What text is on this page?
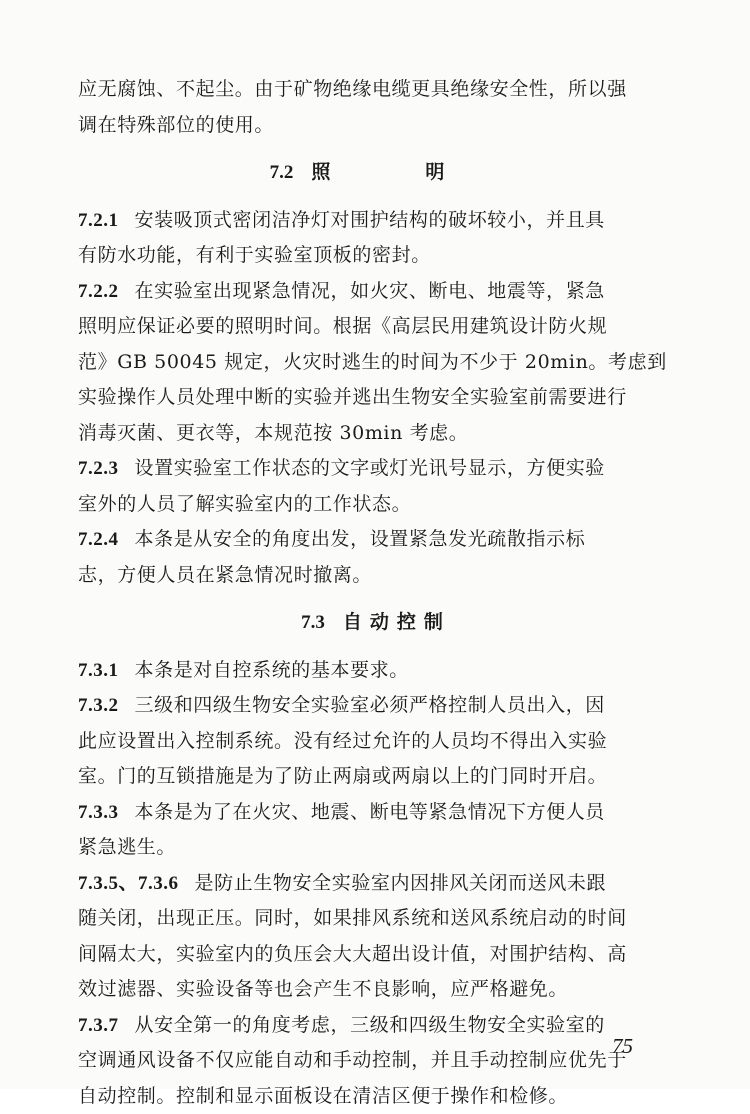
应无腐蚀、不起尘。由于矿物绝缘电缆更具绝缘安全性，所以强
调在特殊部位的使用。
7.2 照　明
7.2.1 安装吸顶式密闭洁净灯对围护结构的破坏较小，并且具
有防水功能，有利于实验室顶板的密封。
7.2.2 在实验室出现紧急情况，如火灾、断电、地震等，紧急
照明应保证必要的照明时间。根据《高层民用建筑设计防火规
范》GB 50045 规定，火灾时逃生的时间为不少于 20min。考虑到
实验操作人员处理中断的实验并逃出生物安全实验室前需要进行
消毒灭菌、更衣等，本规范按 30min 考虑。
7.2.3 设置实验室工作状态的文字或灯光讯号显示，方便实验
室外的人员了解实验室内的工作状态。
7.2.4 本条是从安全的角度出发，设置紧急发光疏散指示标
志，方便人员在紧急情况时撤离。
7.3 自动控制
7.3.1 本条是对自控系统的基本要求。
7.3.2 三级和四级生物安全实验室必须严格控制人员出入，因
此应设置出入控制系统。没有经过允许的人员均不得出入实验
室。门的互锁措施是为了防止两扇或两扇以上的门同时开启。
7.3.3 本条是为了在火灾、地震、断电等紧急情况下方便人员
紧急逃生。
7.3.5、7.3.6 是防止生物安全实验室内因排风关闭而送风未跟
随关闭，出现正压。同时，如果排风系统和送风系统启动的时间
间隔太大，实验室内的负压会大大超出设计值，对围护结构、高
效过滤器、实验设备等也会产生不良影响，应严格避免。
7.3.7 从安全第一的角度考虑，三级和四级生物安全实验室的
空调通风设备不仅应能自动和手动控制，并且手动控制应优先于
自动控制。控制和显示面板设在清洁区便于操作和检修。
75
